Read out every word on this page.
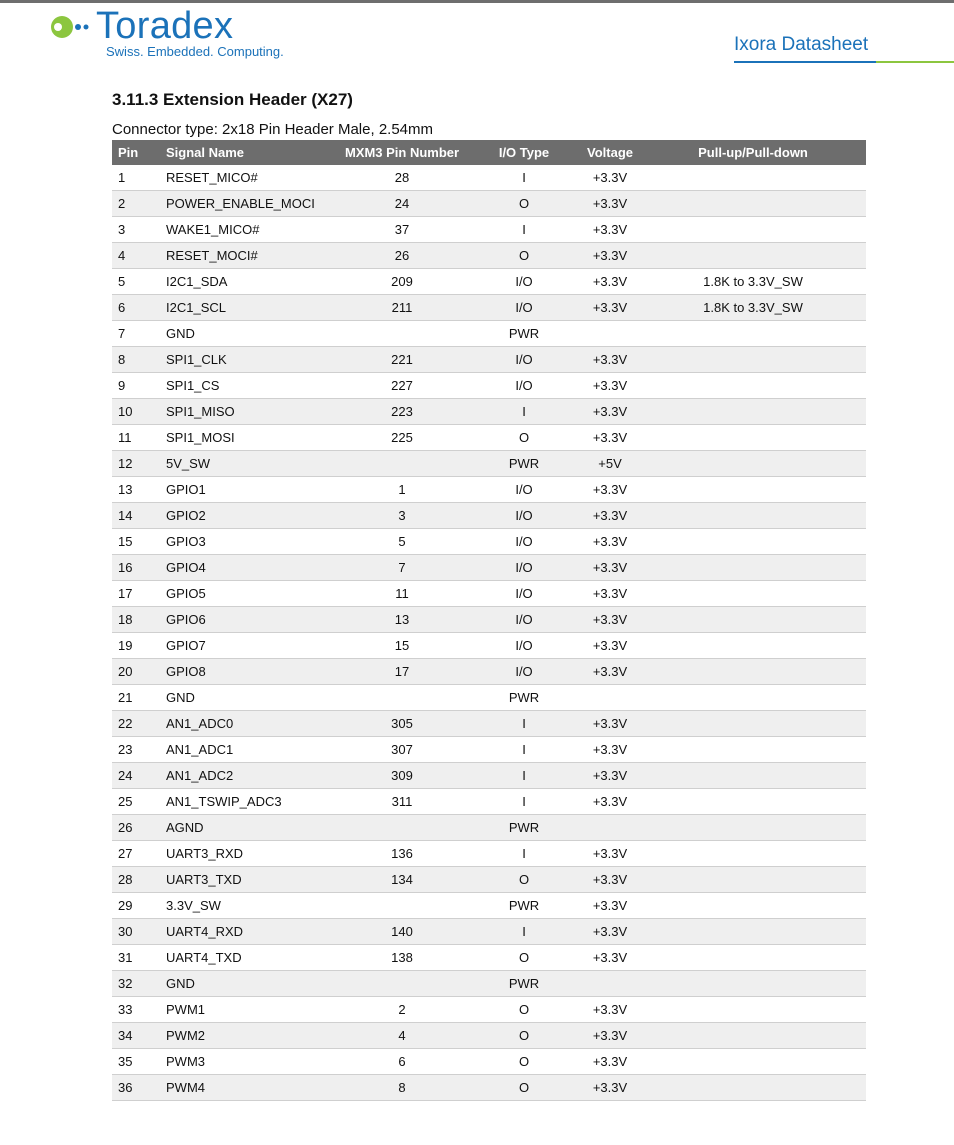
Toradex
Swiss. Embedded. Computing.	Ixora Datasheet
3.11.3 Extension Header (X27)
Connector type: 2x18 Pin Header Male, 2.54mm
Pin	Signal Name	MXM3 Pin Number	I/O Type	Voltage	Pull-up/Pull-down
1	RESET_MICO#	28	I	+3.3V	
2	POWER_ENABLE_MOCI	24	O	+3.3V	
3	WAKE1_MICO#	37	I	+3.3V	
4	RESET_MOCI#	26	O	+3.3V	
5	I2C1_SDA	209	I/O	+3.3V	1.8K to 3.3V_SW
6	I2C1_SCL	211	I/O	+3.3V	1.8K to 3.3V_SW
7	GND		PWR		
8	SPI1_CLK	221	I/O	+3.3V	
9	SPI1_CS	227	I/O	+3.3V	
10	SPI1_MISO	223	I	+3.3V	
11	SPI1_MOSI	225	O	+3.3V	
12	5V_SW		PWR	+5V	
13	GPIO1	1	I/O	+3.3V	
14	GPIO2	3	I/O	+3.3V	
15	GPIO3	5	I/O	+3.3V	
16	GPIO4	7	I/O	+3.3V	
17	GPIO5	11	I/O	+3.3V	
18	GPIO6	13	I/O	+3.3V	
19	GPIO7	15	I/O	+3.3V	
20	GPIO8	17	I/O	+3.3V	
21	GND		PWR		
22	AN1_ADC0	305	I	+3.3V	
23	AN1_ADC1	307	I	+3.3V	
24	AN1_ADC2	309	I	+3.3V	
25	AN1_TSWIP_ADC3	311	I	+3.3V	
26	AGND		PWR		
27	UART3_RXD	136	I	+3.3V	
28	UART3_TXD	134	O	+3.3V	
29	3.3V_SW		PWR	+3.3V	
30	UART4_RXD	140	I	+3.3V	
31	UART4_TXD	138	O	+3.3V	
32	GND		PWR		
33	PWM1	2	O	+3.3V	
34	PWM2	4	O	+3.3V	
35	PWM3	6	O	+3.3V	
36	PWM4	8	O	+3.3V	
